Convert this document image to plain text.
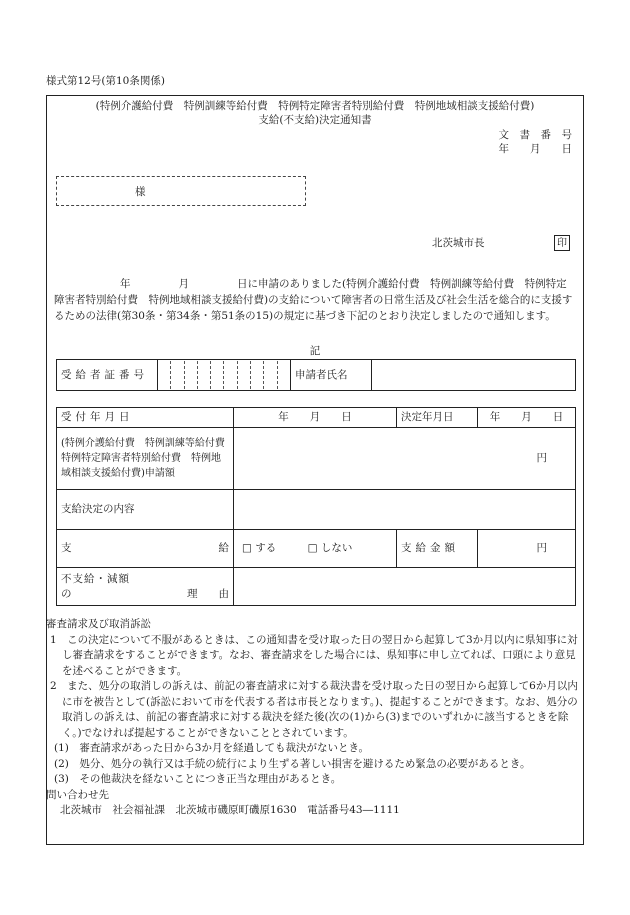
様式第12号(第10条関係)
(特例介護給付費　特例訓練等給付費　特例特定障害者特別給付費　特例地域相談支援給付費)
支給(不支給)決定通知書
文　書　番　号
年　　月　　日
様
北茨城市長	印
年	月	日に申請のありました(特例介護給付費　特例訓練等給付費　特例特定障害者特別給付費　特例地域相談支援給付費)の支給について障害者の日常生活及び社会生活を総合的に支援するための法律(第30条・第34条・第51条の15)の規定に基づき下記のとおり決定しましたので通知します。
記
受給者証番号		申請者氏名	
受付年月日	年　　月　　日	決定年月日	年　　月　　日

(特例介護給付費　特例訓練等給付費　特例特定障害者特別給付費　特例地域相談支援給付費)申請額	円		
支給決定の内容			

支 給	□ する □ しない	支給金額	円

不支給・減額
の 理　　由			

審査請求及び取消訴訟

1　この決定について不服があるときは、この通知書を受け取った日の翌日から起算して3か月以内に県知事に対し審査請求をすることができます。なお、審査請求をした場合には、県知事に申し立てれば、口頭により意見を述べることができます。

2　また、処分の取消しの訴えは、前記の審査請求に対する裁決書を受け取った日の翌日から起算して6か月以内に市を被告として(訴訟において市を代表する者は市長となります。)、提起することができます。なお、処分の取消しの訴えは、前記の審査請求に対する裁決を経た後(次の(1)から(3)までのいずれかに該当するときを除く。)でなければ提起することができないこととされています。

(1)　審査請求があった日から3か月を経過しても裁決がないとき。

(2)　処分、処分の執行又は手続の続行により生ずる著しい損害を避けるため緊急の必要があるとき。

(3)　その他裁決を経ないことにつき正当な理由があるとき。

問い合わせ先

北茨城市　社会福祉課　北茨城市磯原町磯原1630　電話番号43―1111
